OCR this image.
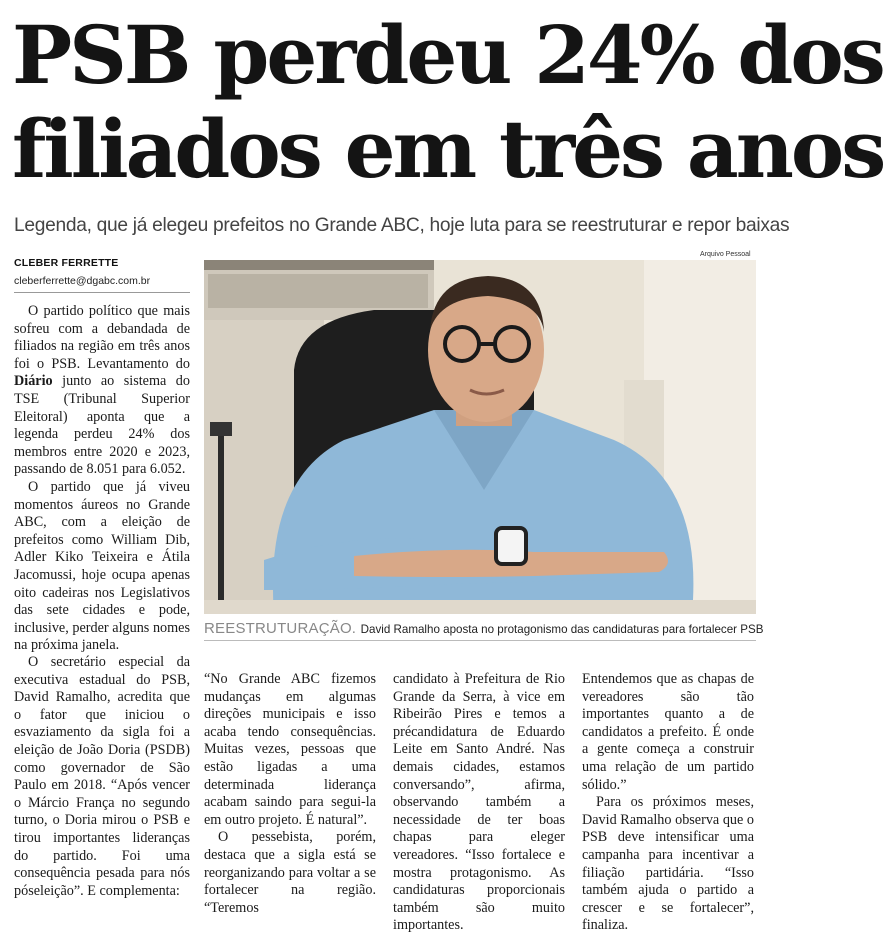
PSB perdeu 24% dos
filiados em três anos
Legenda, que já elegeu prefeitos no Grande ABC, hoje luta para se reestruturar e repor baixas
CLEBER FERRETTE
cleberferrette@dgabc.com.br

O partido político que mais sofreu com a debandada de filiados na região em três anos foi o PSB. Levantamento do Diário junto ao sistema do TSE (Tribunal Superior Eleitoral) aponta que a legenda perdeu 24% dos membros entre 2020 e 2023, passando de 8.051 para 6.052.

O partido que já viveu momentos áureos no Grande ABC, com a eleição de prefeitos como William Dib, Adler Kiko Teixeira e Átila Jacomussi, hoje ocupa apenas oito cadeiras nos Legislativos das sete cidades e pode, inclusive, perder alguns nomes na próxima janela.

O secretário especial da executiva estadual do PSB, David Ramalho, acredita que o fator que iniciou o esvaziamento da sigla foi a eleição de João Doria (PSDB) como governador de São Paulo em 2018. “Após vencer o Márcio França no segundo turno, o Doria mirou o PSB e tirou importantes lideranças do partido. Foi uma consequência pesada para nós póseleição”. E complementa:

Arquivo Pessoal
REESTRUTURAÇÃO. David Ramalho aposta no protagonismo das candidaturas para fortalecer PSB

“No Grande ABC fizemos mudanças em algumas direções municipais e isso acaba tendo consequências. Muitas vezes, pessoas que estão ligadas a uma determinada liderança acabam saindo para segui-la em outro projeto. É natural”.

O pessebista, porém, destaca que a sigla está se reorganizando para voltar a se fortalecer na região. “Teremos

candidato à Prefeitura de Rio Grande da Serra, à vice em Ribeirão Pires e temos a précandidatura de Eduardo Leite em Santo André. Nas demais cidades, estamos conversando”, afirma, observando também a necessidade de ter boas chapas para eleger vereadores. “Isso fortalece e mostra protagonismo. As candidaturas proporcionais também são muito importantes.

Entendemos que as chapas de vereadores são tão importantes quanto a de candidatos a prefeito. É onde a gente começa a construir uma relação de um partido sólido.”

Para os próximos meses, David Ramalho observa que o PSB deve intensificar uma campanha para incentivar a filiação partidária. “Isso também ajuda o partido a crescer e se fortalecer”, finaliza.
